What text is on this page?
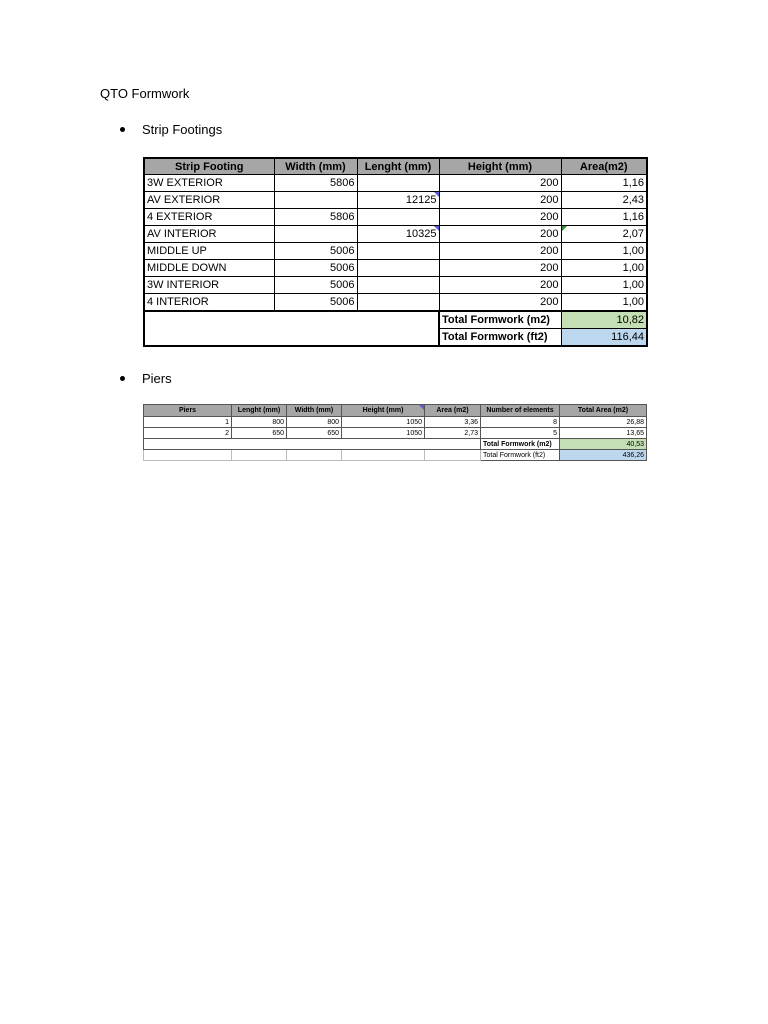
QTO Formwork
Strip Footings
Strip Footing	Width (mm)	Lenght (mm)	Height (mm)	Area(m2)
3W EXTERIOR	5806		200	1,16
AV EXTERIOR		12125	200	2,43
4 EXTERIOR	5806		200	1,16
AV INTERIOR		10325	200	2,07
MIDDLE UP	5006		200	1,00
MIDDLE DOWN	5006		200	1,00
3W INTERIOR	5006		200	1,00
4 INTERIOR	5006		200	1,00
			Total Formwork (m2)	10,82
			Total Formwork (ft2)	116,44
Piers
Piers	Lenght (mm)	Width (mm)	Height (mm)	Area (m2)	Number of elements	Total Area (m2)
1	800	800	1050	3,36	8	26,88
2	650	650	1050	2,73	5	13,65
					Total Formwork (m2)	40,53
					Total Formwork (ft2)	436,26
